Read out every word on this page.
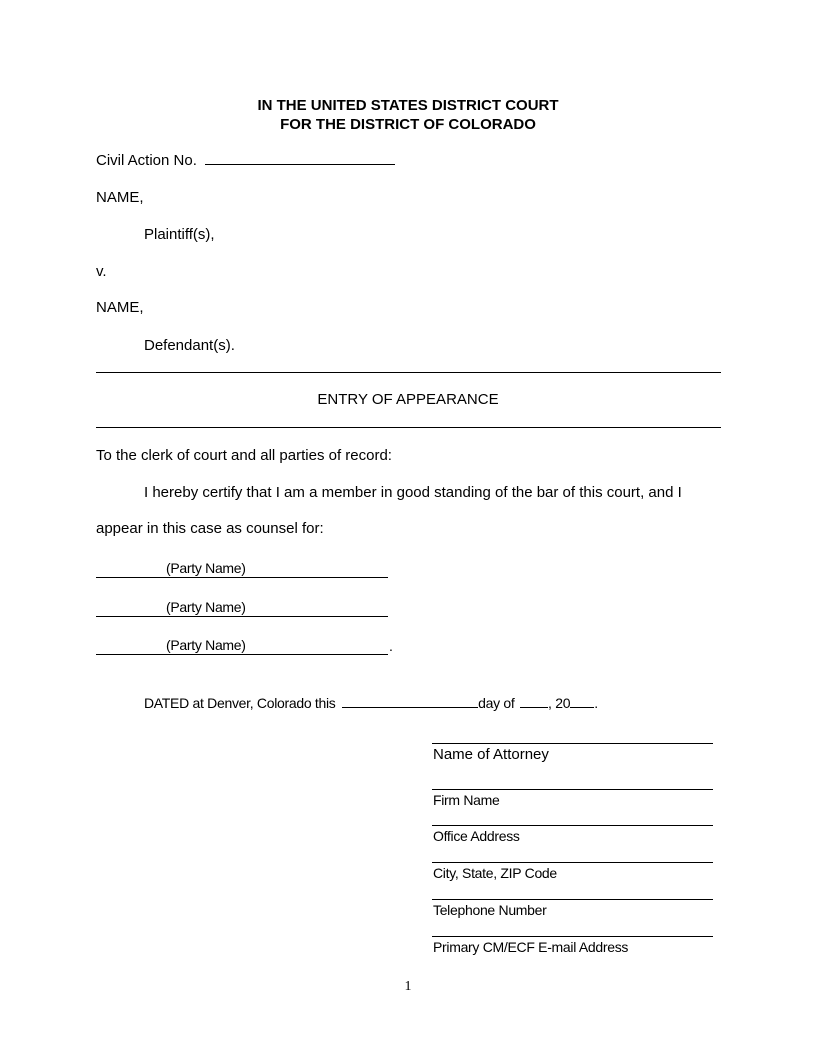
IN THE UNITED STATES DISTRICT COURT
FOR THE DISTRICT OF COLORADO
Civil Action No.
NAME,
Plaintiff(s),
v.
NAME,
Defendant(s).
ENTRY OF APPEARANCE
To the clerk of court and all parties of record:
I hereby certify that I am a member in good standing of the bar of this court, and I
appear in this case as counsel for:
(Party Name)
(Party Name)
(Party Name)	.
DATED at Denver, Colorado this	day of , 20 .
Name of Attorney
Firm Name
Office Address
City, State, ZIP Code
Telephone Number
Primary CM/ECF E-mail Address
1
